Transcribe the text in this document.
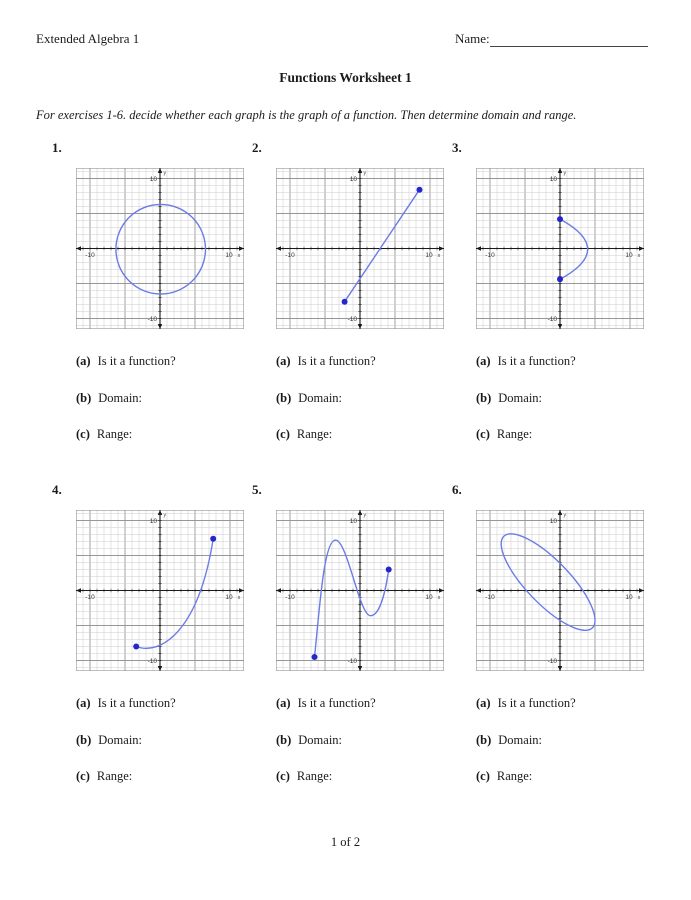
Extended Algebra 1	Name:
Functions Worksheet 1
For exercises 1-6. decide whether each graph is the graph of a function. Then determine domain and range.
1.
10
-10
-10	10 x
y
(a) Is it a function?
(b) Domain:
(c) Range:
2.
10
-10
-10	10 x
y
(a) Is it a function?
(b) Domain:
(c) Range:
3.
10
-10
-10	10 x
y
(a) Is it a function?
(b) Domain:
(c) Range:
4.
10
-10
-10	10 x
y
(a) Is it a function?
(b) Domain:
(c) Range:
5.
10
-10
-10	10 x
y
(a) Is it a function?
(b) Domain:
(c) Range:
6.
10
-10
-10	10 x
y
(a) Is it a function?
(b) Domain:
(c) Range:
1 of 2
